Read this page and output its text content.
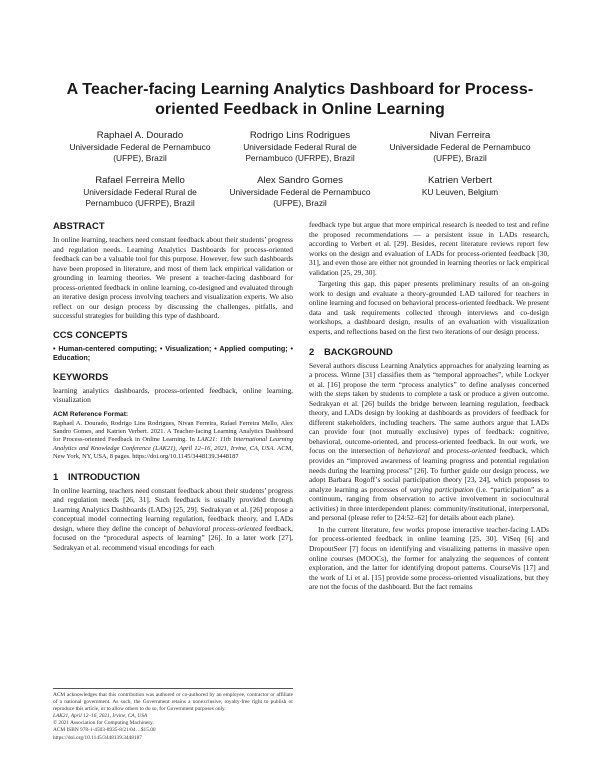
A Teacher-facing Learning Analytics Dashboard for Process-oriented Feedback in Online Learning
Raphael A. Dourado
Universidade Federal de Pernambuco (UFPE), Brazil
Rodrigo Lins Rodrigues
Universidade Federal Rural de Pernambuco (UFRPE), Brazil
Nivan Ferreira
Universidade Federal de Pernambuco (UFPE), Brazil
Rafael Ferreira Mello
Universidade Federal Rural de Pernambuco (UFRPE), Brazil
Alex Sandro Gomes
Universidade Federal de Pernambuco (UFPE), Brazil
Katrien Verbert
KU Leuven, Belgium
ABSTRACT

In online learning, teachers need constant feedback about their students’ progress and regulation needs. Learning Analytics Dashboards for process-oriented feedback can be a valuable tool for this purpose. However, few such dashboards have been proposed in literature, and most of them lack empirical validation or grounding in learning theories. We present a teacher-facing dashboard for process-oriented feedback in online learning, co-designed and evaluated through an iterative design process involving teachers and visualization experts. We also reflect on our design process by discussing the challenges, pitfalls, and successful strategies for building this type of dashboard.

CCS CONCEPTS

• Human-centered computing; • Visualization; • Applied computing; • Education;

KEYWORDS

learning analytics dashboards, process-oriented feedback, online learning, visualization

ACM Reference Format:

Raphael A. Dourado, Rodrigo Lins Rodrigues, Nivan Ferreira, Rafael Ferreira Mello, Alex Sandro Gomes, and Katrien Verbert. 2021. A Teacher-facing Learning Analytics Dashboard for Process-oriented Feedback in Online Learning. In LAK21: 11th International Learning Analytics and Knowledge Conference (LAK21), April 12–16, 2021, Irvine, CA, USA. ACM, New York, NY, USA, 8 pages. https://doi.org/10.1145/3448139.3448187

1 INTRODUCTION

In online learning, teachers need constant feedback about their students’ progress and regulation needs [26, 31]. Such feedback is usually provided through Learning Analytics Dashboards (LADs) [25, 29]. Sedrakyan et al. [26] propose a conceptual model connecting learning regulation, feedback theory, and LADs design, where they define the concept of behavioral process-oriented feedback, focused on the “procedural aspects of learning” [26]. In a later work [27], Sedrakyan et al. recommend visual encodings for each

feedback type but argue that more empirical research is needed to test and refine the proposed recommendations — a persistent issue in LADs research, according to Verbert et al. [29]. Besides, recent literature reviews report few works on the design and evaluation of LADs for process-oriented feedback [30, 31], and even those are either not grounded in learning theories or lack empirical validation [25, 29, 30].

Targeting this gap, this paper presents preliminary results of an on-going work to design and evaluate a theory-grounded LAD tailored for teachers in online learning and focused on behavioral process-oriented feedback. We present data and task requirements collected through interviews and co-design workshops, a dashboard design, results of an evaluation with visualization experts, and reflections based on the first two iterations of our design process.

2 BACKGROUND

Several authors discuss Learning Analytics approaches for analyzing learning as a process. Winne [31] classifies them as “temporal approaches”, while Lockyer et al. [16] propose the term “process analytics” to define analyses concerned with the steps taken by students to complete a task or produce a given outcome. Sedrakyan et al. [26] builds the bridge between learning regulation, feedback theory, and LADs design by looking at dashboards as providers of feedback for different stakeholders, including teachers. The same authors argue that LADs can provide four (not mutually exclusive) types of feedback: cognitive, behavioral, outcome-oriented, and process-oriented feedback. In our work, we focus on the intersection of behavioral and process-oriented feedback, which provides an “improved awareness of learning progress and potential regulation needs during the learning process” [26]. To further guide our design process, we adopt Barbara Rogoff’s social participation theory [23, 24], which proposes to analyze learning as processes of varying participation (i.e. “participation” as a continuum, ranging from observation to active involvement in sociocultural activities) in three interdependent planes: community/institutional, interpersonal, and personal (please refer to [24:52–62] for details about each plane).

In the current literature, few works propose interactive teacher-facing LADs for process-oriented feedback in online learning [25, 30]. ViSeq [6] and DropoutSeer [7] focus on identifying and visualizing patterns in massive open online courses (MOOCs), the former for analyzing the sequences of content exploration, and the latter for identifying dropout patterns. CourseVis [17] and the work of Li et al. [15] provide some process-oriented visualizations, but they are not the focus of the dashboard. But the fact remains

ACM acknowledges that this contribution was authored or co-authored by an employee, contractor or affiliate of a national government. As such, the Government retains a nonexclusive, royalty-free right to publish or reproduce this article, or to allow others to do so, for Government purposes only.
LAK21, April 12–16, 2021, Irvine, CA, USA
© 2021 Association for Computing Machinery.
ACM ISBN 978-1-4503-8935-8/21/04…$15.00
https://doi.org/10.1145/3448139.3448187
